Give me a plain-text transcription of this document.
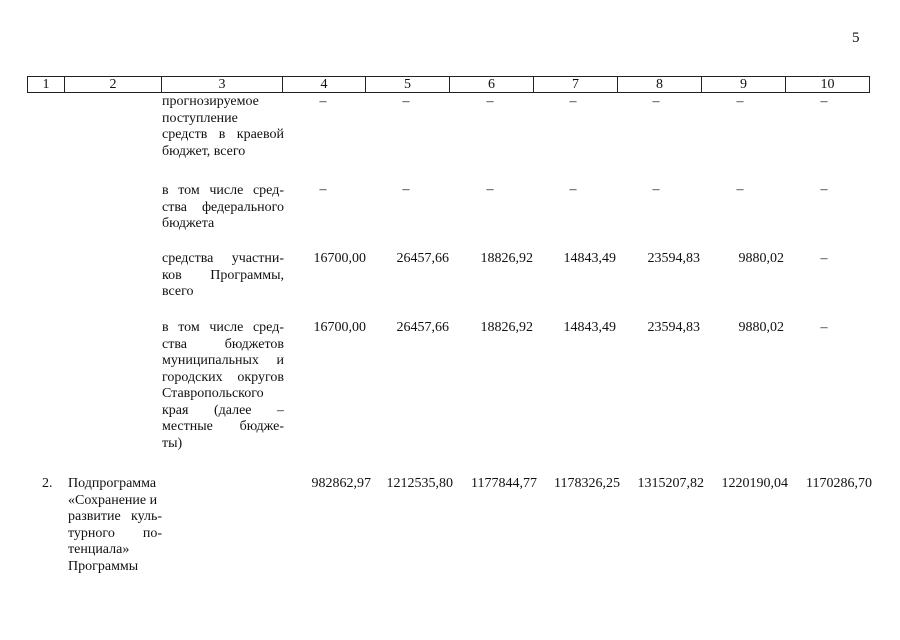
5
1	2	3	4	5	6	7	8	9	10
прогнозируемое
поступление
средств в краевой
бюджет, всего
–	–	–	–	–	–	–
в том числе сред-
ства федерального
бюджета
–	–	–	–	–	–	–
средства участни-
ков Программы,
всего
16700,00 26457,66 18826,92 14843,49 23594,83	9880,02	–
в том числе сред-
ства бюджетов
муниципальных и
городских округов
Ставропольского
края (далее –
местные бюдже-
ты)
16700,00 26457,66 18826,92 14843,49 23594,83	9880,02	–
2. Подпрограмма
«Сохранение и
развитие куль-
турного по-
тенциала»
Программы
982862,97 1212535,80 1177844,77 1178326,25 1315207,82 1220190,04 1170286,70
